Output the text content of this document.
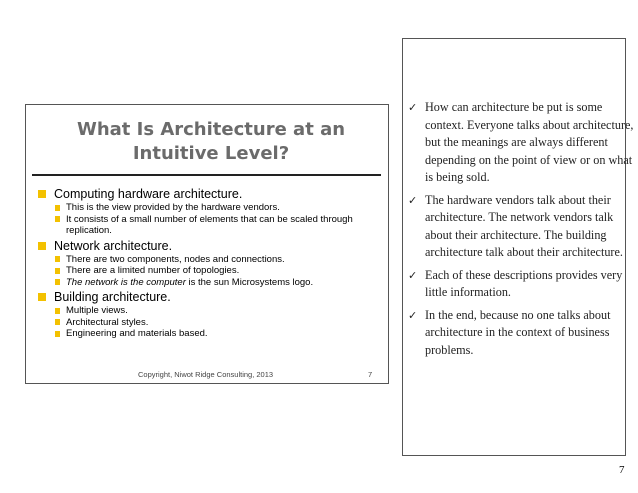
What Is Architecture at an
Intuitive Level?
Computing hardware architecture.
This is the view provided by the hardware vendors.
It consists of a small number of elements that can be scaled through replication.
Network architecture.
There are two components, nodes and connections.
There are a limited number of topologies.
The network is the computer is the sun Microsystems logo.
Building architecture.
Multiple views.
Architectural styles.
Engineering and materials based.
Copyright, Niwot Ridge Consulting, 2013	7
✓ How can architecture be put is some context. Everyone talks about architecture, but the meanings are always different depending on the point of view or on what is being sold.
✓ The hardware vendors talk about their architecture. The network vendors talk about their architecture. The building architecture talk about their architecture.
✓ Each of these descriptions provides very little information.
✓ In the end, because no one talks about architecture in the context of business problems.
7
